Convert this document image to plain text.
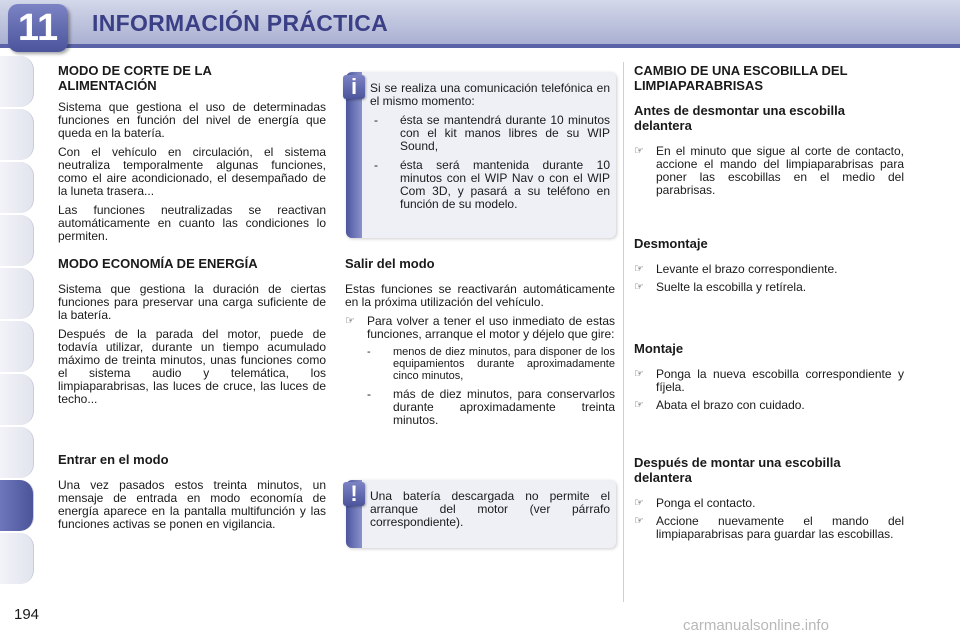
11	INFORMACIÓN PRÁCTICA
MODO DE CORTE DE LA ALIMENTACIÓN

Sistema que gestiona el uso de determinadas funciones en función del nivel de energía que queda en la batería.

Con el vehículo en circulación, el sistema neutraliza temporalmente algunas funciones, como el aire acondicionado, el desempañado de la luneta trasera...

Las funciones neutralizadas se reactivan automáticamente en cuanto las condiciones lo permiten.

MODO ECONOMÍA DE ENERGÍA

Sistema que gestiona la duración de ciertas funciones para preservar una carga suficiente de la batería.

Después de la parada del motor, puede de todavía utilizar, durante un tiempo acumulado máximo de treinta minutos, unas funciones como el sistema audio y telemática, los limpiaparabrisas, las luces de cruce, las luces de techo...

Entrar en el modo

Una vez pasados estos treinta minutos, un mensaje de entrada en modo economía de energía aparece en la pantalla multifunción y las funciones activas se ponen en vigilancia.

Si se realiza una comunicación telefónica en el mismo momento:

-	ésta se mantendrá durante 10 minutos con el kit manos libres de su WIP Sound,
-	ésta será mantenida durante 10 minutos con el WIP Nav o con el WIP Com 3D, y pasará a su teléfono en función de su modelo.
i
Salir del modo

Estas funciones se reactivarán automáticamente en la próxima utilización del vehículo.

☞	Para volver a tener el uso inmediato de estas funciones, arranque el motor y déjelo que gire:
-	menos de diez minutos, para disponer de los equipamientos durante aproximadamente cinco minutos,
-	más de diez minutos, para conservarlos durante aproximadamente treinta minutos.

Una batería descargada no permite el arranque del motor (ver párrafo correspondiente).

!
CAMBIO DE UNA ESCOBILLA DEL LIMPIAPARABRISAS
Antes de desmontar una escobilla delantera
☞	En el minuto que sigue al corte de contacto, accione el mando del limpiaparabrisas para poner las escobillas en el medio del parabrisas.
Desmontaje
☞	Levante el brazo correspondiente.
☞	Suelte la escobilla y retírela.
Montaje
☞	Ponga la nueva escobilla correspondiente y fíjela.
☞	Abata el brazo con cuidado.
Después de montar una escobilla delantera
☞	Ponga el contacto.
☞	Accione nuevamente el mando del limpiaparabrisas para guardar las escobillas.
194
carmanualsonline.info
